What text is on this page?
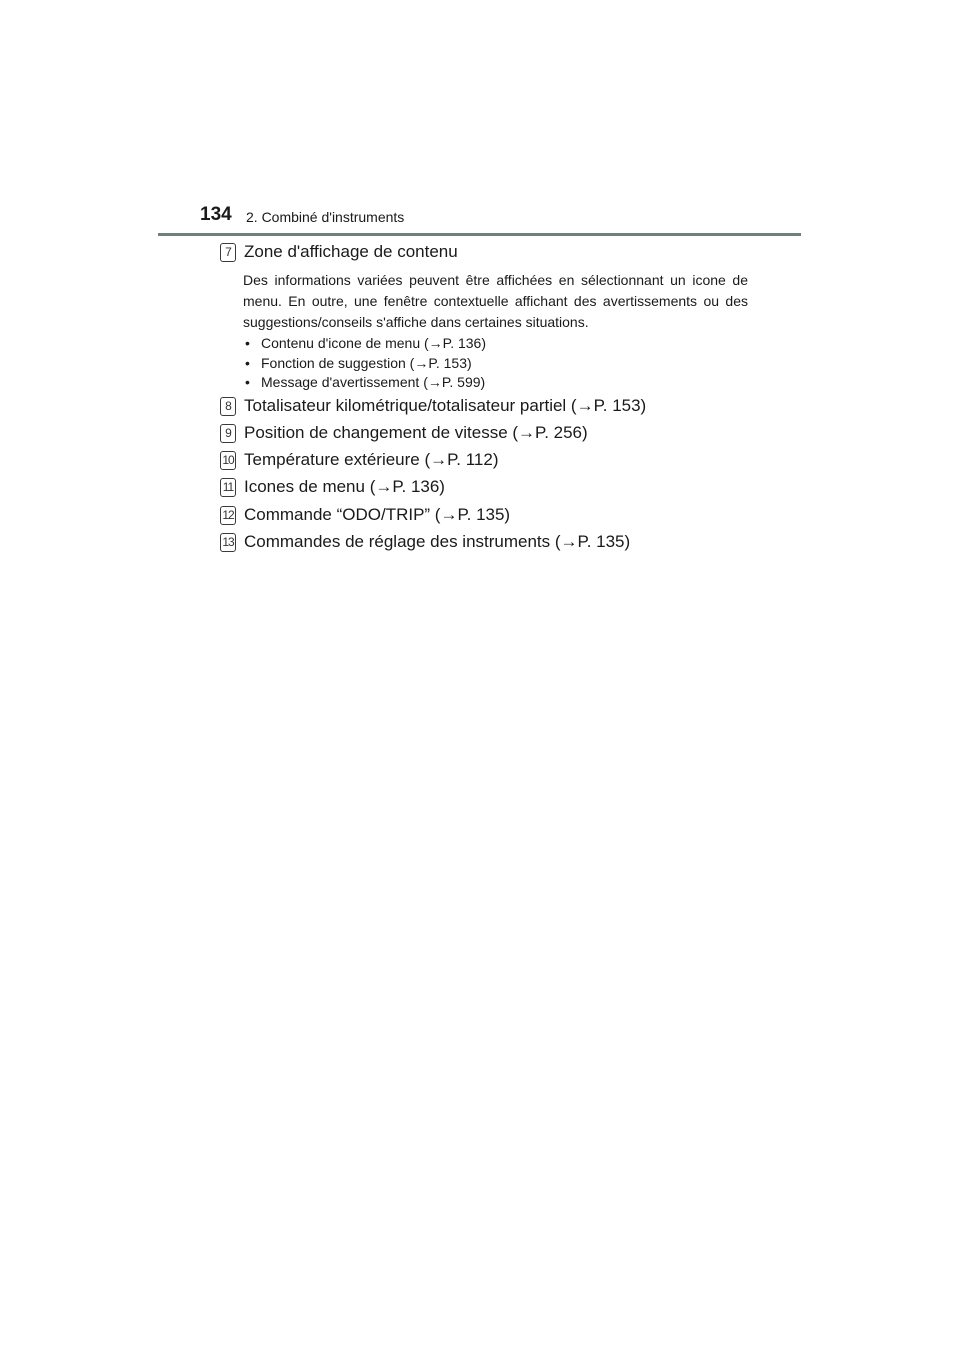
134 2. Combiné d'instruments
7 Zone d'affichage de contenu
Des informations variées peuvent être affichées en sélectionnant un icone de menu. En outre, une fenêtre contextuelle affichant des avertissements ou des suggestions/conseils s'affiche dans certaines situations.
• Contenu d'icone de menu (→P. 136)
• Fonction de suggestion (→P. 153)
• Message d'avertissement (→P. 599)
8 Totalisateur kilométrique/totalisateur partiel (→P. 153)
9 Position de changement de vitesse (→P. 256)
10 Température extérieure (→P. 112)
11 Icones de menu (→P. 136)
12 Commande “ODO/TRIP” (→P. 135)
13 Commandes de réglage des instruments (→P. 135)
